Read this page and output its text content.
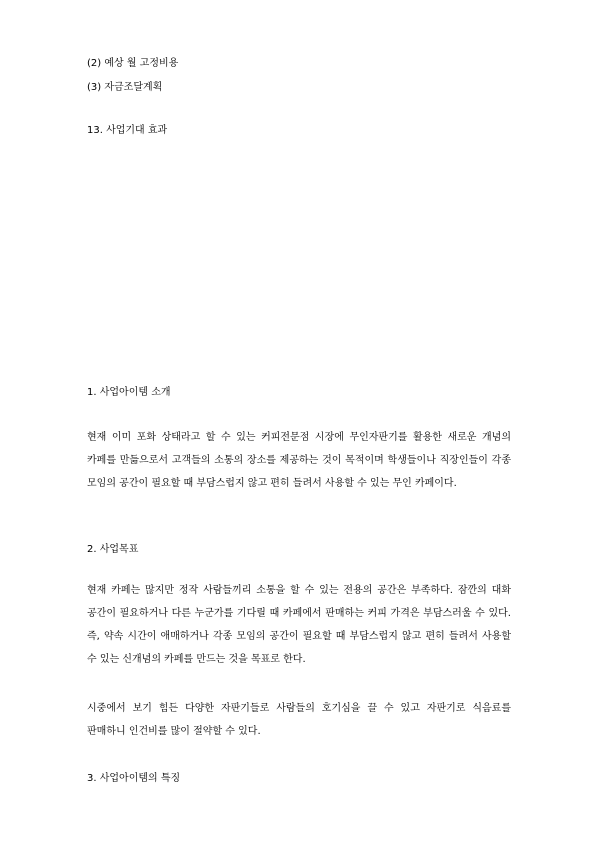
(2) 예상 월 고정비용

(3) 자금조달계획

13. 사업기대 효과

1. 사업아이템 소개

현재 이미 포화 상태라고 할 수 있는 커피전문점 시장에 무인자판기를 활용한 새로운 개념의 카페를 만듦으로서 고객들의 소통의 장소를 제공하는 것이 목적이며 학생들이나 직장인들이 각종 모임의 공간이 필요할 때 부담스럽지 않고 편히 들려서 사용할 수 있는 무인 카페이다.

2. 사업목표

현재 카페는 많지만 정작 사람들끼리 소통을 할 수 있는 전용의 공간은 부족하다. 잠깐의 대화 공간이 필요하거나 다른 누군가를 기다릴 때 카페에서 판매하는 커피 가격은 부담스러울 수 있다. 즉, 약속 시간이 애매하거나 각종 모임의 공간이 필요할 때 부담스럽지 않고 편히 들려서 사용할 수 있는 신개념의 카페를 만드는 것을 목표로 한다.

시중에서 보기 힘든 다양한 자판기들로 사람들의 호기심을 끌 수 있고 자판기로 식음료를 판매하니 인건비를 많이 절약할 수 있다.

3. 사업아이템의 특징
